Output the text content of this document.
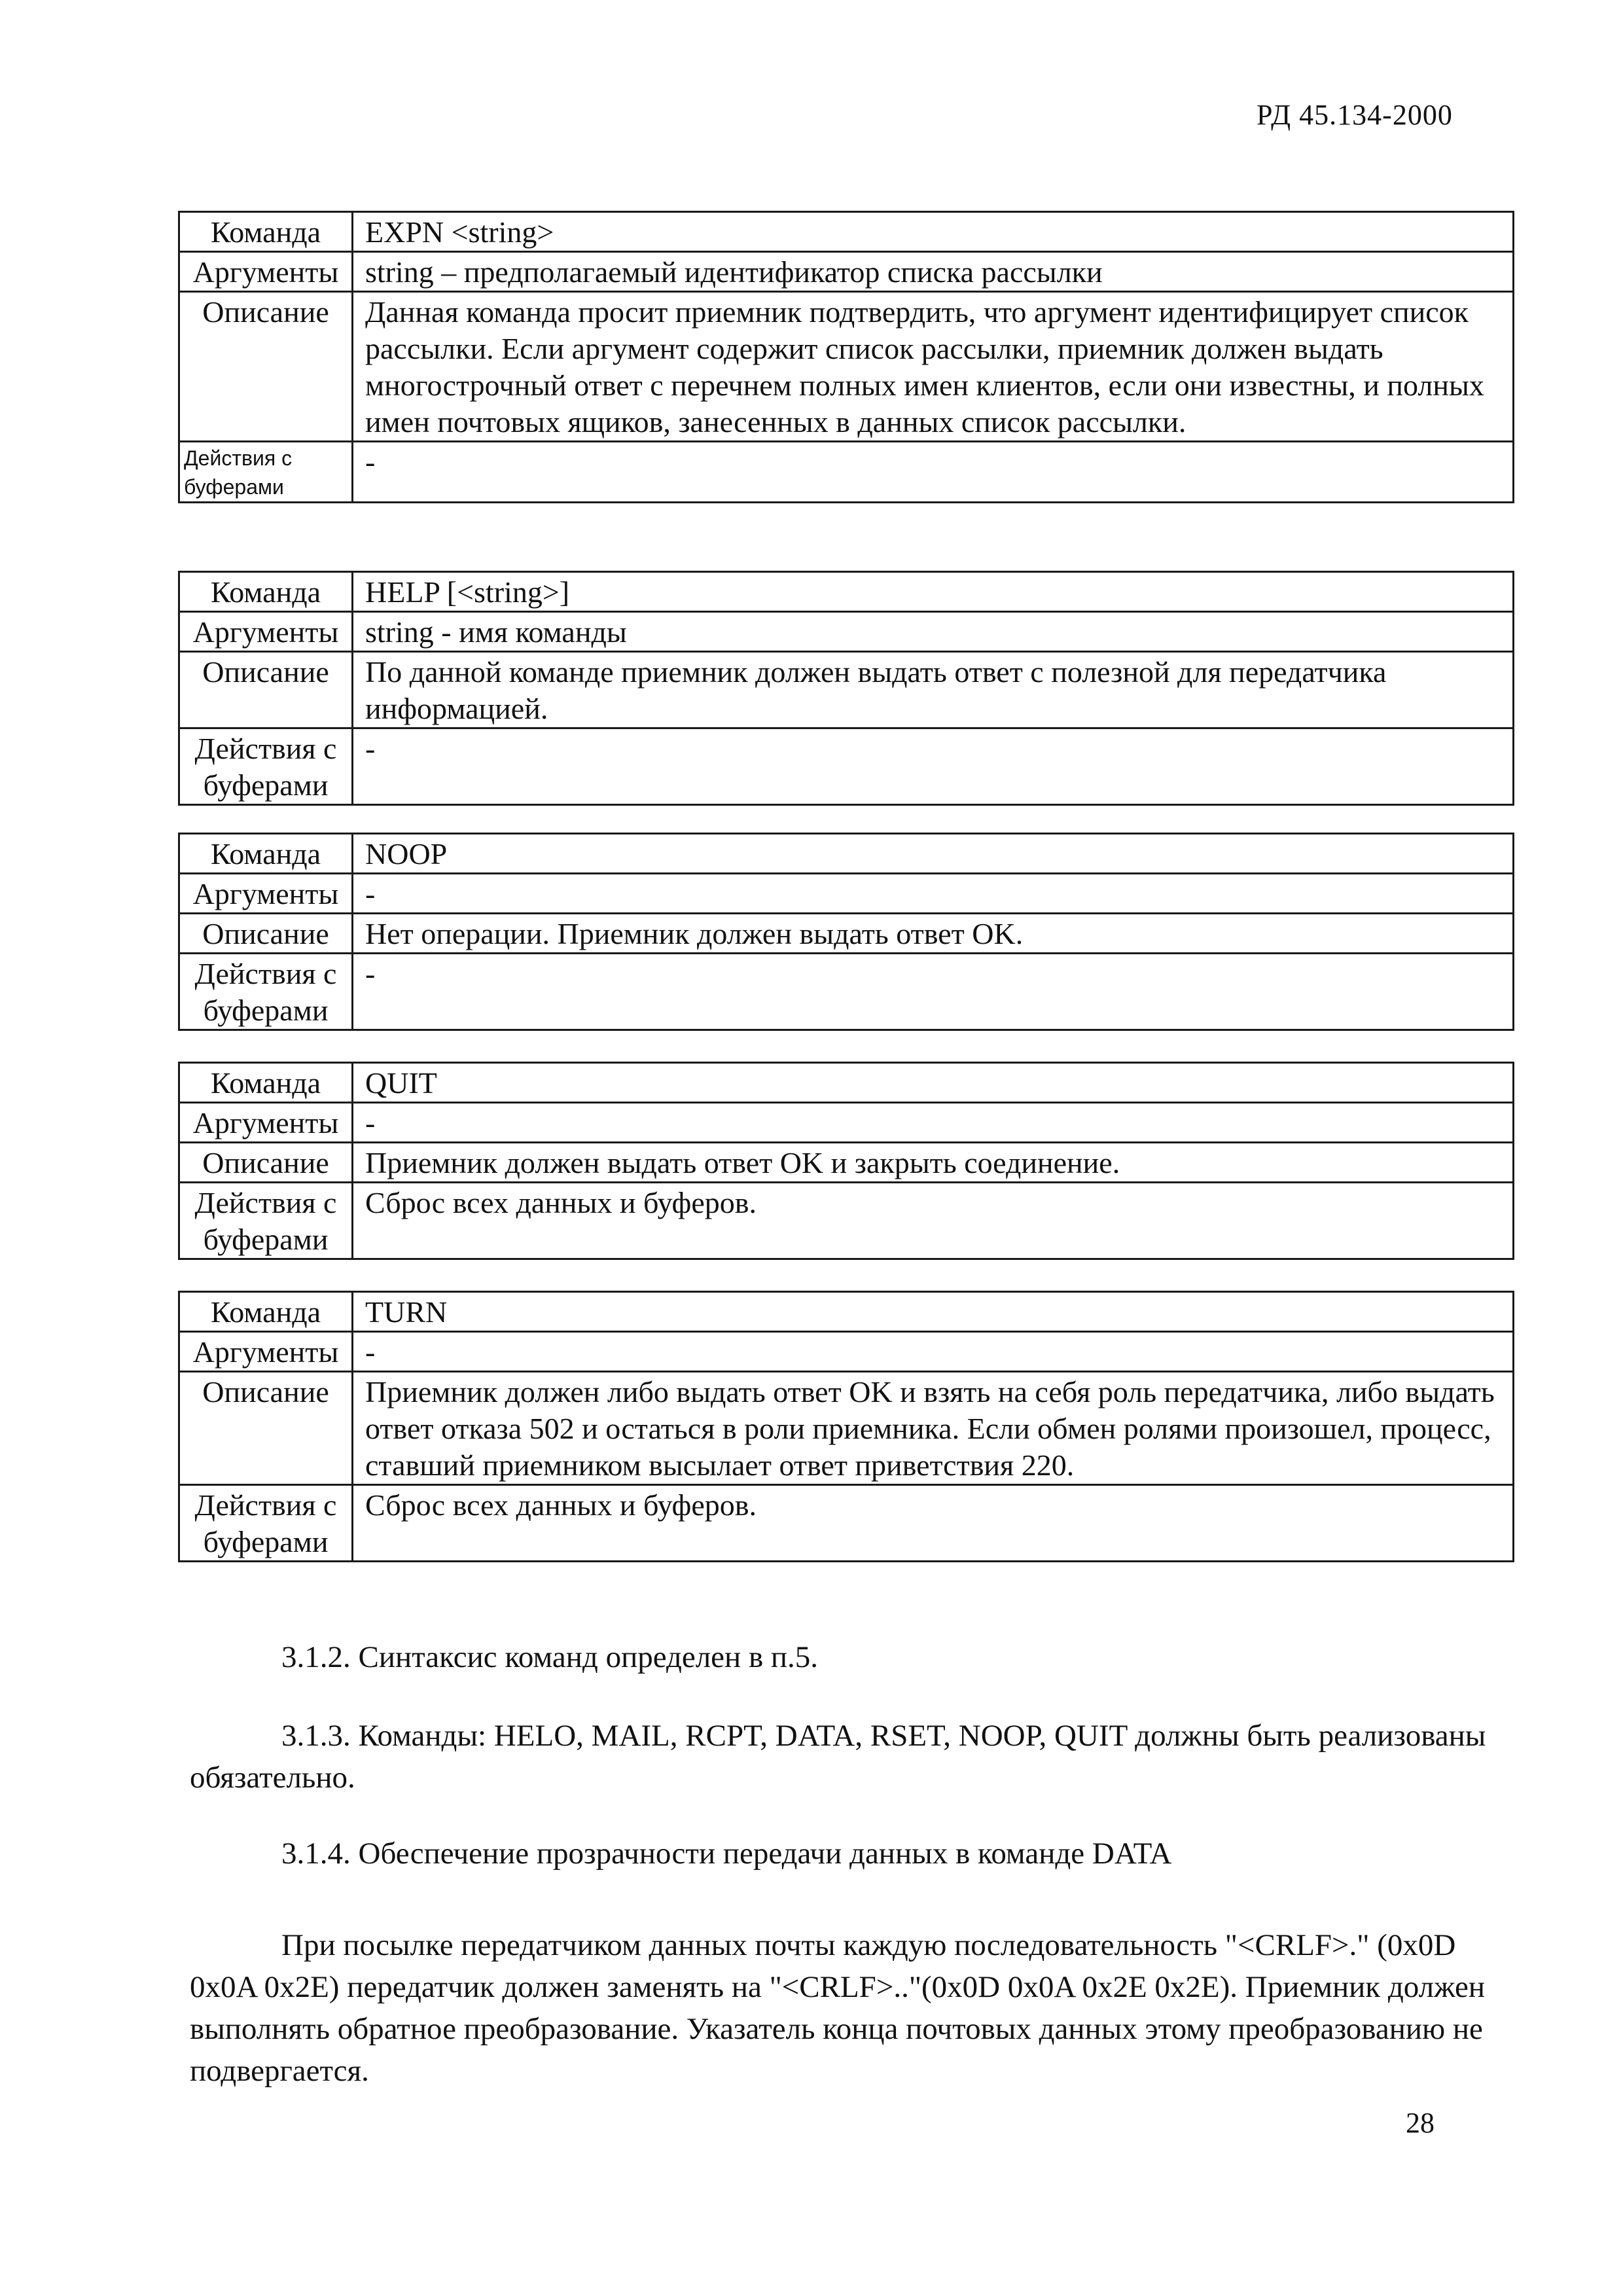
РД 45.134-2000
Команда	EXPN <string>
Аргументы	string – предполагаемый идентификатор списка рассылки
Описание	Данная команда просит приемник подтвердить, что аргумент идентифицирует список рассылки. Если аргумент содержит список рассылки, приемник должен выдать многострочный ответ с перечнем полных имен клиентов, если они известны, и полных имен почтовых ящиков, занесенных в данных список рассылки.
Действия с буферами	-
Команда	HELP [<string>]
Аргументы	string - имя команды
Описание	По данной команде приемник должен выдать ответ с полезной для передатчика информацией.
Действия с буферами	-
Команда	NOOP
Аргументы	-
Описание	Нет операции. Приемник должен выдать ответ OK.
Действия с буферами	-
Команда	QUIT
Аргументы	-
Описание	Приемник должен выдать ответ OK и закрыть соединение.
Действия с буферами	Сброс всех данных и буферов.
Команда	TURN
Аргументы	-
Описание	Приемник должен либо выдать ответ OK и взять на себя роль передатчика, либо выдать ответ отказа 502 и остаться в роли приемника. Если обмен ролями произошел, процесс, ставший приемником высылает ответ приветствия 220.
Действия с буферами	Сброс всех данных и буферов.
3.1.2. Синтаксис команд определен в п.5.
3.1.3. Команды: HELO, MAIL, RCPT, DATA, RSET, NOOP, QUIT должны быть реализованы обязательно.
3.1.4. Обеспечение прозрачности передачи данных в команде DATA
При посылке передатчиком данных почты каждую последовательность "<CRLF>." (0x0D 0x0A 0x2E) передатчик должен заменять на "<CRLF>.."(0x0D 0x0A 0x2E 0x2E). Приемник должен выполнять обратное преобразование. Указатель конца почтовых данных этому преобразованию не подвергается.
28
